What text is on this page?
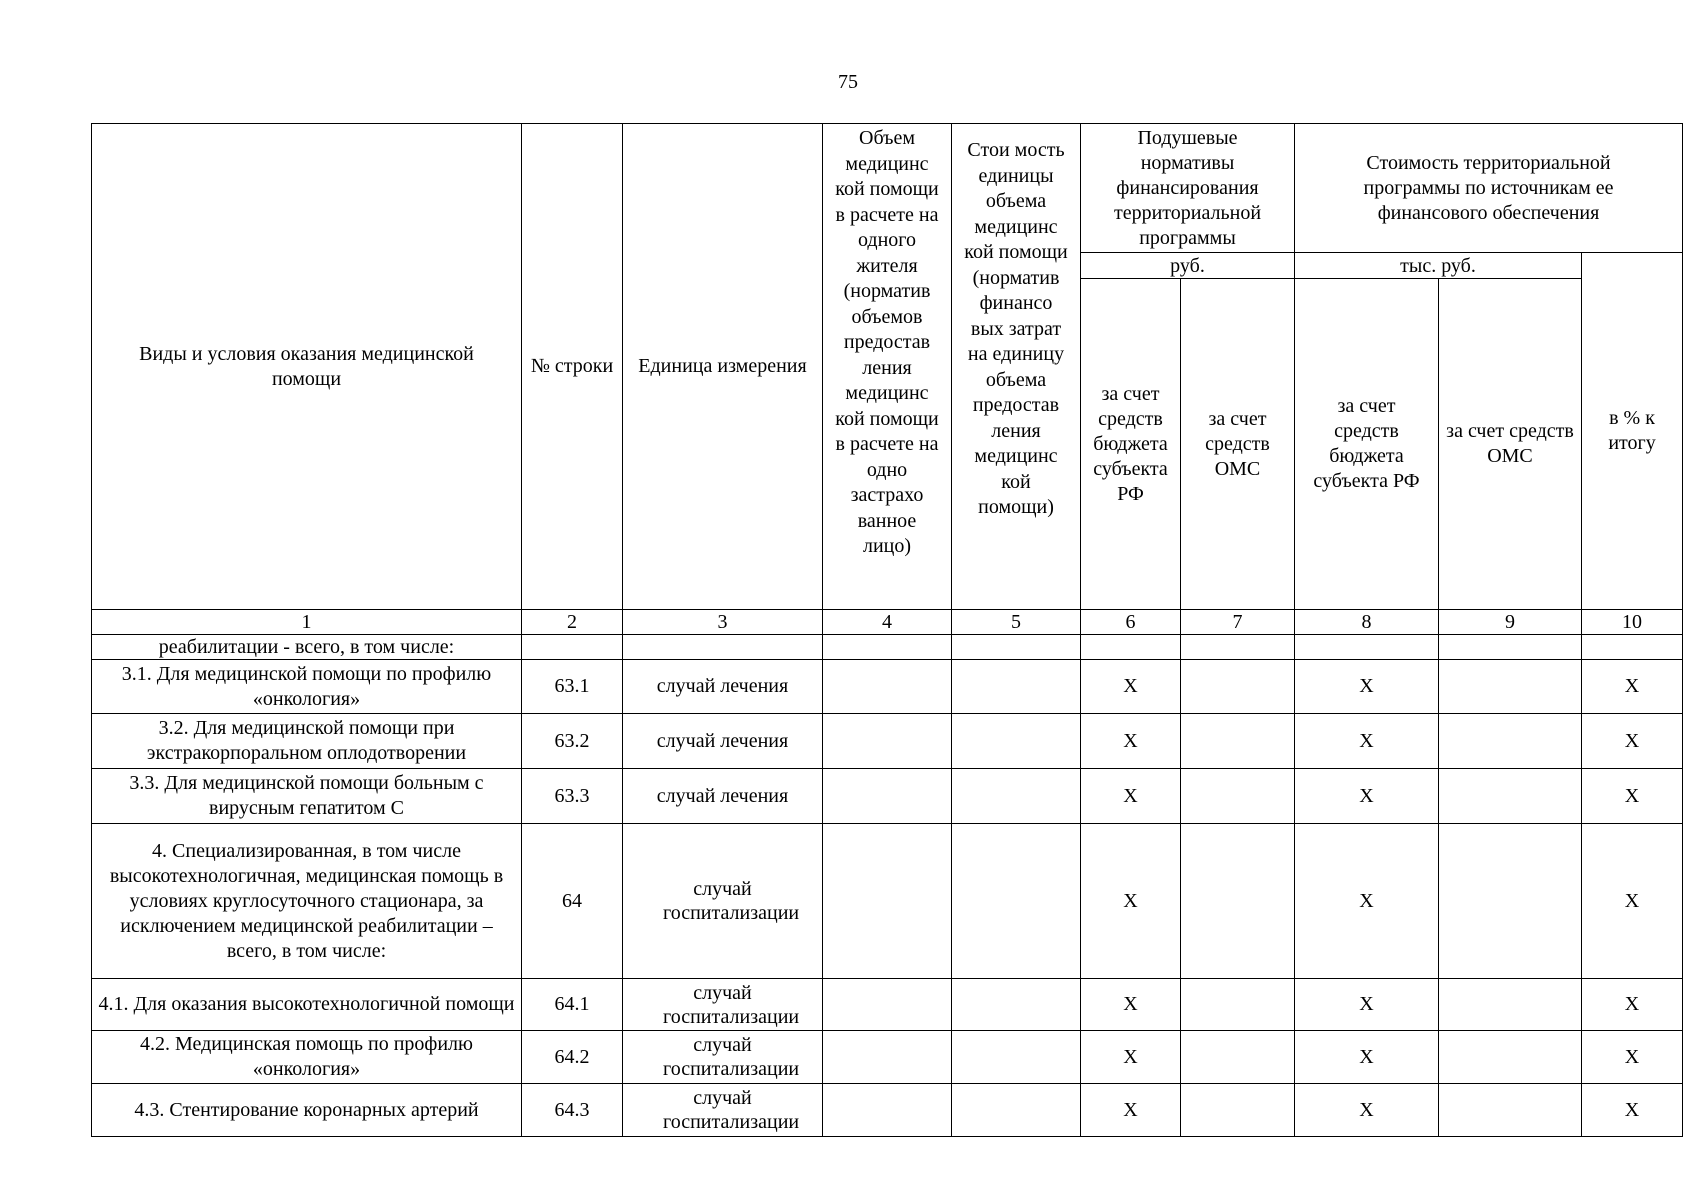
75
Виды и условия оказания медицинской помощи	№ строки	Единица измерения	Объем медицинс кой помощи в расчете на одного жителя (норматив объемов предостав ления медицинс кой помощи в расчете на одно застрахо ванное лицо)	Стои мость единицы объема медицинс кой помощи (норматив финансо вых затрат на единицу объема предостав ления медицинс кой помощи)	Подушевые нормативы финансирования территориальной программы		Стоимость территориальной программы по источникам ее финансового обеспечения		
					руб.		тыс. руб.		в % к итогу
					за счет средств бюджета субъекта РФ	за счет средств ОМС	за счет средств бюджета субъекта РФ	за счет средств ОМС	
1	2	3	4	5	6	7	8	9	10
реабилитации - всего, в том числе:									
3.1. Для медицинской помощи по профилю «онкология»	63.1	случай лечения			X		X		X
3.2. Для медицинской помощи при экстракорпоральном оплодотворении	63.2	случай лечения			X		X		X
3.3. Для медицинской помощи больным с вирусным гепатитом С	63.3	случай лечения			X		X		X
4. Специализированная, в том числе высокотехнологичная, медицинская помощь в условиях круглосуточного стационара, за исключением медицинской реабилитации – всего, в том числе:	64	случай госпитализации			X		X		X
4.1. Для оказания высокотехнологичной помощи	64.1	случай госпитализации			X		X		X
4.2. Медицинская помощь по профилю «онкология»	64.2	случай госпитализации			X		X		X
4.3. Стентирование коронарных артерий	64.3	случай госпитализации			X		X		X
